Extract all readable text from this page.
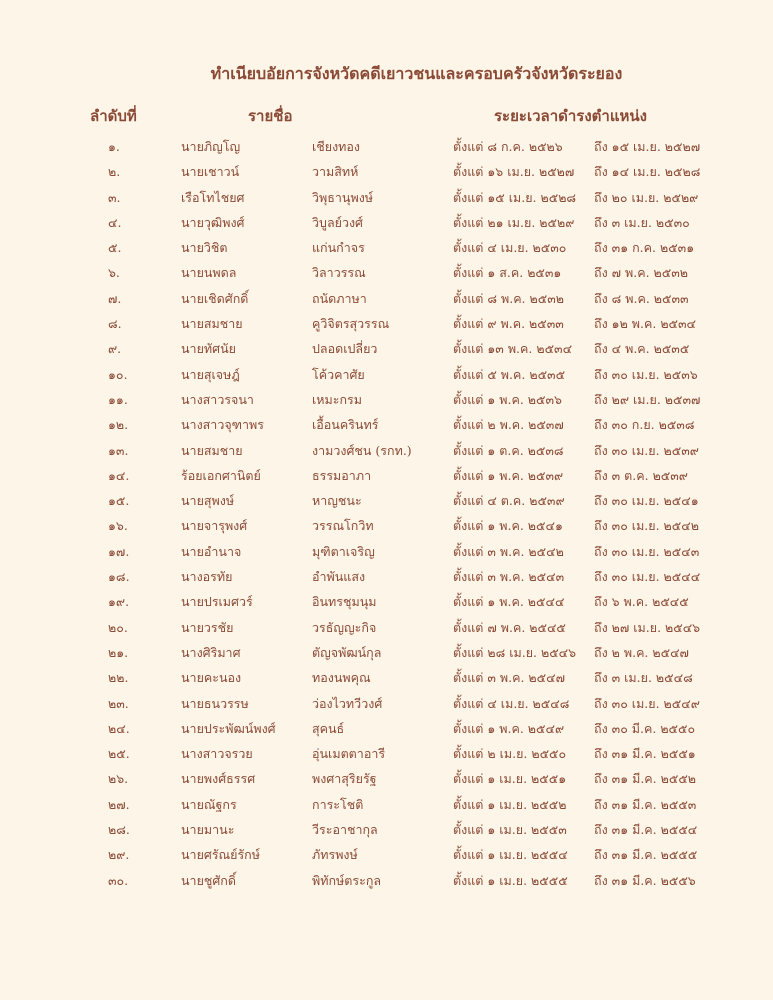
ทำเนียบอัยการจังหวัดคดีเยาวชนและครอบครัวจังหวัดระยอง
ลำดับที่	รายชื่อ	ระยะเวลาดำรงตำแหน่ง
๑.	นายภิญโญ	เชียงทอง	ตั้งแต่ ๘ ก.ค. ๒๕๒๖	ถึง ๑๕ เม.ย. ๒๕๒๗
๒.	นายเชาวน์	วามสิทห์	ตั้งแต่ ๑๖ เม.ย. ๒๕๒๗ ถึง ๑๔ เม.ย. ๒๕๒๘
๓.	เรือโทไชยศ	วิพุธานุพงษ์	ตั้งแต่ ๑๕ เม.ย. ๒๕๒๘ ถึง ๒๐ เม.ย. ๒๕๒๙
๔.	นายวุฒิพงศ์	วิบูลย์วงศ์	ตั้งแต่ ๒๑ เม.ย. ๒๕๒๙ ถึง ๓ เม.ย. ๒๕๓๐
๕.	นายวิชิต	แก่นกำจร	ตั้งแต่ ๔ เม.ย. ๒๕๓๐ ถึง ๓๑ ก.ค. ๒๕๓๑
๖.	นายนพดล	วิลาวรรณ	ตั้งแต่ ๑ ส.ค. ๒๕๓๑	ถึง ๗ พ.ค. ๒๕๓๒
๗.	นายเชิดศักดิ์	ถนัดภาษา	ตั้งแต่ ๘ พ.ค. ๒๕๓๒ ถึง ๘ พ.ค. ๒๕๓๓
๘.	นายสมชาย	คูวิจิตรสุวรรณ	ตั้งแต่ ๙ พ.ค. ๒๕๓๓ ถึง ๑๒ พ.ค. ๒๕๓๔
๙.	นายทัศนัย	ปลอดเปลี่ยว	ตั้งแต่ ๑๓ พ.ค. ๒๕๓๔ ถึง ๔ พ.ค. ๒๕๓๕
๑๐.	นายสุเจษฎ์	โค้วคาศัย	ตั้งแต่ ๕ พ.ค. ๒๕๓๕ ถึง ๓๐ เม.ย. ๒๕๓๖
๑๑.	นางสาวรจนา	เหมะกรม	ตั้งแต่ ๑ พ.ค. ๒๕๓๖	ถึง ๒๙ เม.ย. ๒๕๓๗
๑๒.	นางสาวจุฑาพร	เอื้อนครินทร์	ตั้งแต่ ๒ พ.ค. ๒๕๓๗ ถึง ๓๐ ก.ย. ๒๕๓๘
๑๓.	นายสมชาย	งามวงศ์ชน (รกท.)	ตั้งแต่ ๑ ต.ค. ๒๕๓๘ ถึง ๓๐ เม.ย. ๒๕๓๙
๑๔.	ร้อยเอกศานิตย์	ธรรมอาภา	ตั้งแต่ ๑ พ.ค. ๒๕๓๙ ถึง ๓ ต.ค. ๒๕๓๙
๑๕.	นายสุพงษ์	หาญชนะ	ตั้งแต่ ๔ ต.ค. ๒๕๓๙ ถึง ๓๐ เม.ย. ๒๕๔๑
๑๖.	นายจารุพงศ์	วรรณโกวิท	ตั้งแต่ ๑ พ.ค. ๒๕๔๑ ถึง ๓๐ เม.ย. ๒๕๔๒
๑๗.	นายอำนาจ	มุฑิตาเจริญ	ตั้งแต่ ๓ พ.ค. ๒๕๔๒ ถึง ๓๐ เม.ย. ๒๕๔๓
๑๘.	นางอรทัย	อำพันแสง	ตั้งแต่ ๓ พ.ค. ๒๕๔๓ ถึง ๓๐ เม.ย. ๒๕๔๔
๑๙.	นายปรเมศวร์	อินทรชุมนุม	ตั้งแต่ ๑ พ.ค. ๒๕๔๔ ถึง ๖ พ.ค. ๒๕๔๕
๒๐.	นายวรชัย	วรธัญญะกิจ	ตั้งแต่ ๗ พ.ค. ๒๕๔๕ ถึง ๒๗ เม.ย. ๒๕๔๖
๒๑.	นางศิริมาศ	ตัญจพัฒน์กุล	ตั้งแต่ ๒๘ เม.ย. ๒๕๔๖ ถึง ๒ พ.ค. ๒๕๔๗
๒๒.	นายคะนอง	ทองนพคุณ	ตั้งแต่ ๓ พ.ค. ๒๕๔๗ ถึง ๓ เม.ย. ๒๕๔๘
๒๓.	นายธนวรรษ	ว่องไวทวีวงศ์	ตั้งแต่ ๔ เม.ย. ๒๕๔๘ ถึง ๓๐ เม.ย. ๒๕๔๙
๒๔.	นายประพัฒน์พงศ์	สุคนธ์	ตั้งแต่ ๑ พ.ค. ๒๕๔๙ ถึง ๓๐ มี.ค. ๒๕๕๐
๒๕.	นางสาวจรวย	อุ่นเมตตาอารี	ตั้งแต่ ๒ เม.ย. ๒๕๕๐ ถึง ๓๑ มี.ค. ๒๕๕๑
๒๖.	นายพงศ์ธรรศ	พงศาสุริยรัฐ	ตั้งแต่ ๑ เม.ย. ๒๕๕๑ ถึง ๓๑ มี.ค. ๒๕๕๒
๒๗.	นายณัฐกร	การะโชติ	ตั้งแต่ ๑ เม.ย. ๒๕๕๒ ถึง ๓๑ มี.ค. ๒๕๕๓
๒๘.	นายมานะ	วีระอาชากุล	ตั้งแต่ ๑ เม.ย. ๒๕๕๓ ถึง ๓๑ มี.ค. ๒๕๕๔
๒๙.	นายศรัณย์รักษ์	ภัทรพงษ์	ตั้งแต่ ๑ เม.ย. ๒๕๕๔ ถึง ๓๑ มี.ค. ๒๕๕๕
๓๐.	นายชูศักดิ์	พิทักษ์ตระกูล	ตั้งแต่ ๑ เม.ย. ๒๕๕๕ ถึง ๓๑ มี.ค. ๒๕๕๖
